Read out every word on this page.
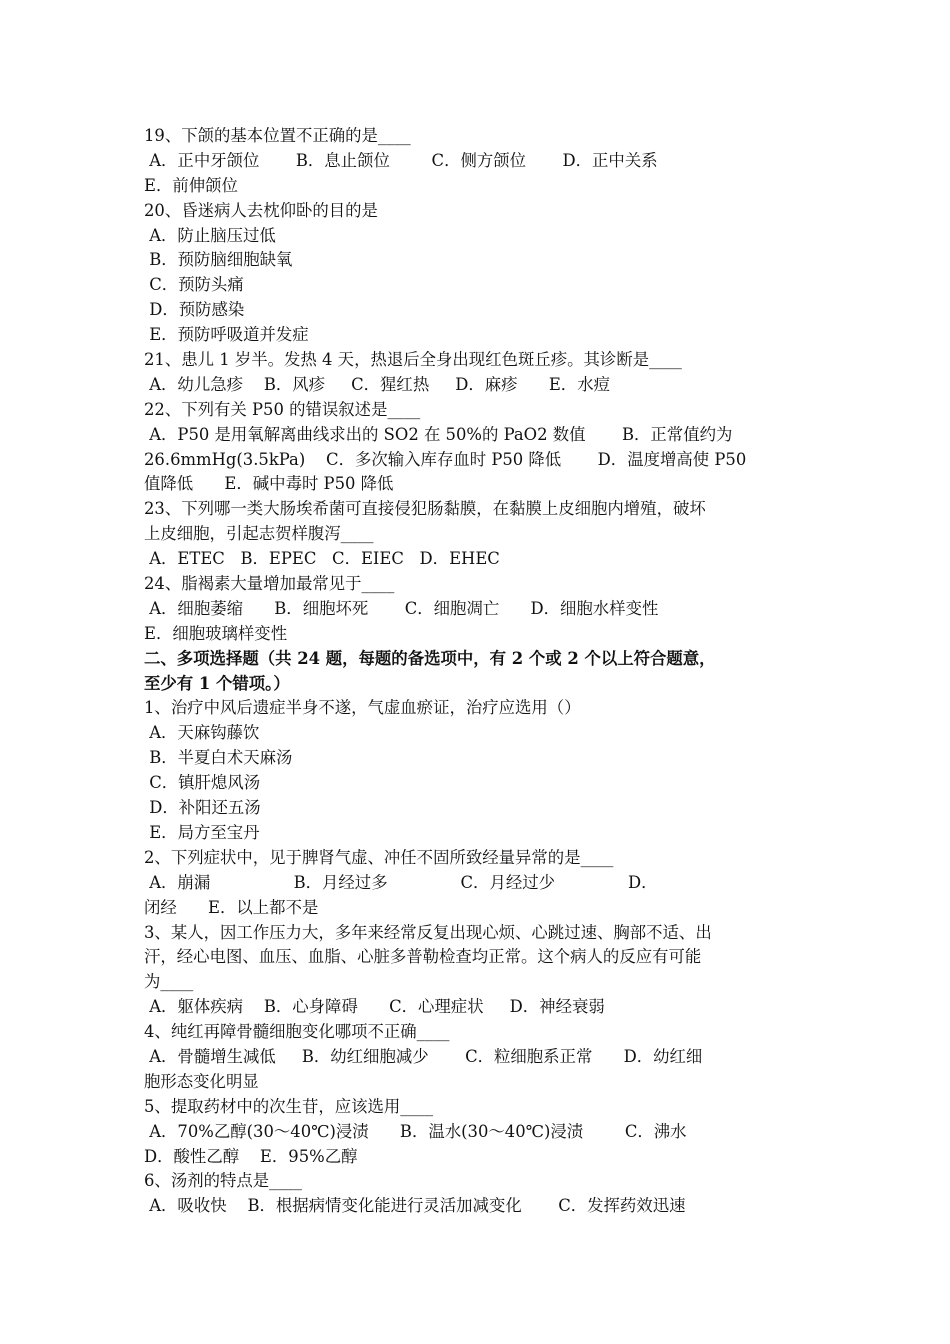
19、下颌的基本位置不正确的是____
A．正中牙颌位       B．息止颌位        C．侧方颌位       D．正中关系
E．前伸颌位
20、昏迷病人去枕仰卧的目的是
A．防止脑压过低
B．预防脑细胞缺氧
C．预防头痛
D．预防感染
E．预防呼吸道并发症
21、患儿 1 岁半。发热 4 天，热退后全身出现红色斑丘疹。其诊断是____
A．幼儿急疹    B．风疹     C．猩红热     D．麻疹      E．水痘
22、下列有关 P50 的错误叙述是____
A．P50 是用氧解离曲线求出的 SO2 在 50%的 PaO2 数值       B．正常值约为
26.6mmHg(3.5kPa)    C．多次输入库存血时 P50 降低       D．温度增高使 P50
值降低      E．碱中毒时 P50 降低
23、下列哪一类大肠埃希菌可直接侵犯肠黏膜，在黏膜上皮细胞内增殖，破坏
上皮细胞，引起志贺样腹泻____
A．ETEC   B．EPEC   C．EIEC   D．EHEC
24、脂褐素大量增加最常见于____
A．细胞萎缩      B．细胞坏死       C．细胞凋亡      D．细胞水样变性
E．细胞玻璃样变性
二、多项选择题（共 24 题，每题的备选项中，有 2 个或 2 个以上符合题意，
至少有 1 个错项。）
1、治疗中风后遗症半身不遂，气虚血瘀证，治疗应选用（）
A．天麻钩藤饮
B．半夏白术天麻汤
C．镇肝熄风汤
D．补阳还五汤
E．局方至宝丹
2、下列症状中，见于脾肾气虚、冲任不固所致经量异常的是____
A．崩漏                B．月经过多              C．月经过少              D．
闭经      E．以上都不是
3、某人，因工作压力大，多年来经常反复出现心烦、心跳过速、胸部不适、出
汗，经心电图、血压、血脂、心脏多普勒检查均正常。这个病人的反应有可能
为____
A．躯体疾病    B．心身障碍      C．心理症状     D．神经衰弱
4、纯红再障骨髓细胞变化哪项不正确____
A．骨髓增生减低     B．幼红细胞减少       C．粒细胞系正常      D．幼红细
胞形态变化明显
5、提取药材中的次生苷，应该选用____
A．70%乙醇(30～40℃)浸渍      B．温水(30～40℃)浸渍        C．沸水
D．酸性乙醇    E．95%乙醇
6、汤剂的特点是____
A．吸收快    B．根据病情变化能进行灵活加减变化       C．发挥药效迅速
